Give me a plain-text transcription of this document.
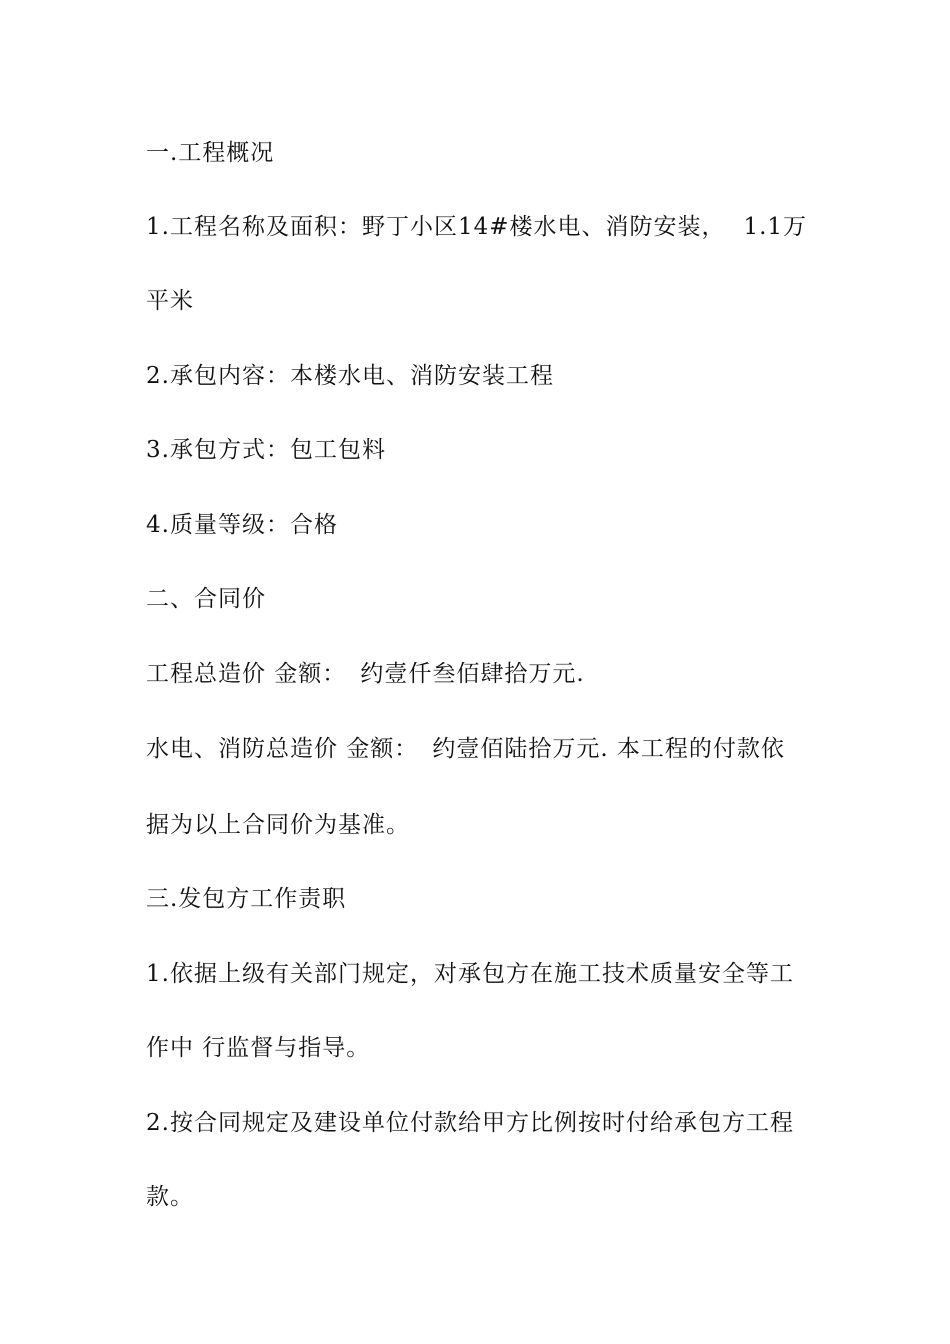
一.工程概况

1.工程名称及面积：野丁小区14#楼水电、消防安装， 1.1万

平米

2.承包内容：本楼水电、消防安装工程

3.承包方式：包工包料

4.质量等级：合格

二、合同价

工程总造价 金额： 约壹仟叁佰肆拾万元.

水电、消防总造价 金额： 约壹佰陆拾万元. 本工程的付款依

据为以上合同价为基准。

三.发包方工作责职

1.依据上级有关部门规定，对承包方在施工技术质量安全等工

作中 行监督与指导。

2.按合同规定及建设单位付款给甲方比例按时付给承包方工程

款。
